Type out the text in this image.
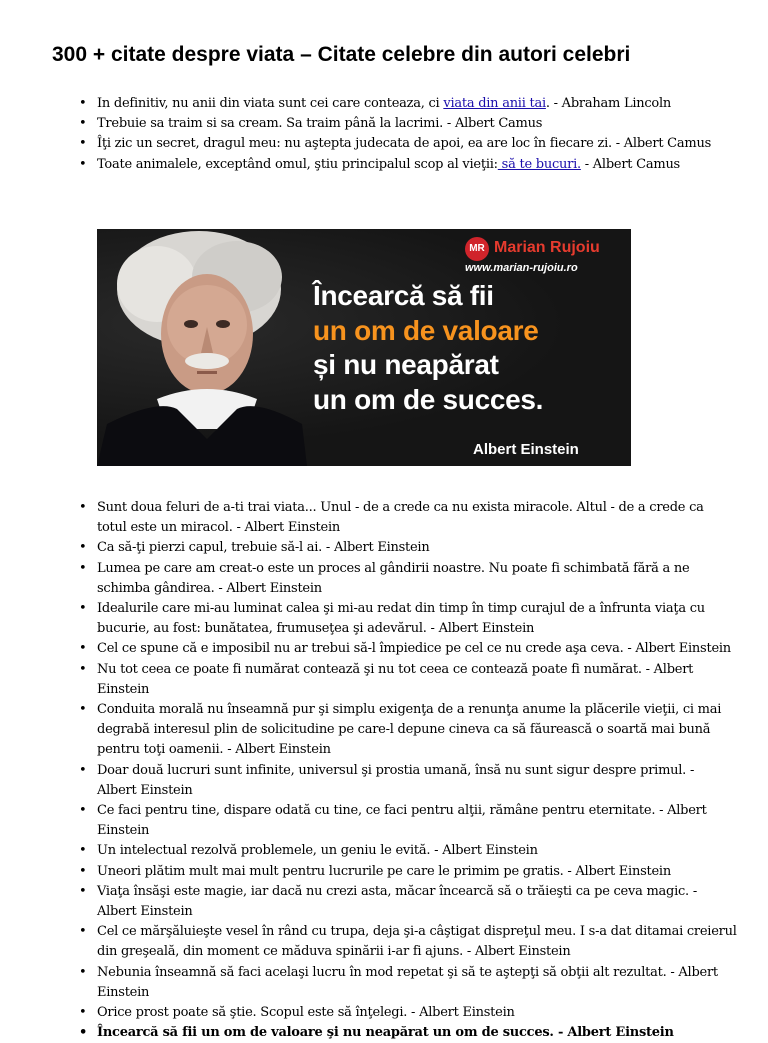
300 + citate despre viata – Citate celebre din autori celebri
• In definitiv, nu anii din viata sunt cei care conteaza, ci viata din anii tai. - Abraham Lincoln
• Trebuie sa traim si sa cream. Sa traim până la lacrimi. - Albert Camus
• Îţi zic un secret, dragul meu: nu aştepta judecata de apoi, ea are loc în fiecare zi. - Albert Camus
• Toate animalele, exceptând omul, ştiu principalul scop al vieţii: să te bucuri. - Albert Camus
MR Marian Rujoiu
www.marian-rujoiu.ro
Încearcă să fii
un om de valoare
și nu neapărat
un om de succes.
Albert Einstein
• Sunt doua feluri de a-ti trai viata... Unul - de a crede ca nu exista miracole. Altul - de a crede ca totul este un miracol. - Albert Einstein
• Ca să-ţi pierzi capul, trebuie să-l ai. - Albert Einstein
• Lumea pe care am creat-o este un proces al gândirii noastre. Nu poate fi schimbată fără a ne schimba gândirea. - Albert Einstein
• Idealurile care mi-au luminat calea şi mi-au redat din timp în timp curajul de a înfrunta viaţa cu bucurie, au fost: bunătatea, frumuseţea şi adevărul. - Albert Einstein
• Cel ce spune că e imposibil nu ar trebui să-l împiedice pe cel ce nu crede aşa ceva. - Albert Einstein
• Nu tot ceea ce poate fi numărat contează şi nu tot ceea ce contează poate fi numărat. - Albert Einstein
• Conduita morală nu înseamnă pur şi simplu exigenţa de a renunţa anume la plăcerile vieţii, ci mai degrabă interesul plin de solicitudine pe care-l depune cineva ca să făurească o soartă mai bună pentru toţi oamenii. - Albert Einstein
• Doar două lucruri sunt infinite, universul şi prostia umană, însă nu sunt sigur despre primul. - Albert Einstein
• Ce faci pentru tine, dispare odată cu tine, ce faci pentru alţii, rămâne pentru eternitate. - Albert Einstein
• Un intelectual rezolvă problemele, un geniu le evită. - Albert Einstein
• Uneori plătim mult mai mult pentru lucrurile pe care le primim pe gratis. - Albert Einstein
• Viaţa însăşi este magie, iar dacă nu crezi asta, măcar încearcă să o trăieşti ca pe ceva magic. - Albert Einstein
• Cel ce mărşăluieşte vesel în rând cu trupa, deja şi-a câştigat dispreţul meu. I s-a dat ditamai creierul din greşeală, din moment ce măduva spinării i-ar fi ajuns. - Albert Einstein
• Nebunia înseamnă să faci acelaşi lucru în mod repetat şi să te aştepţi să obţii alt rezultat. - Albert Einstein
• Orice prost poate să ştie. Scopul este să înţelegi. - Albert Einstein
• Încearcă să fii un om de valoare şi nu neapărat un om de succes. - Albert Einstein
